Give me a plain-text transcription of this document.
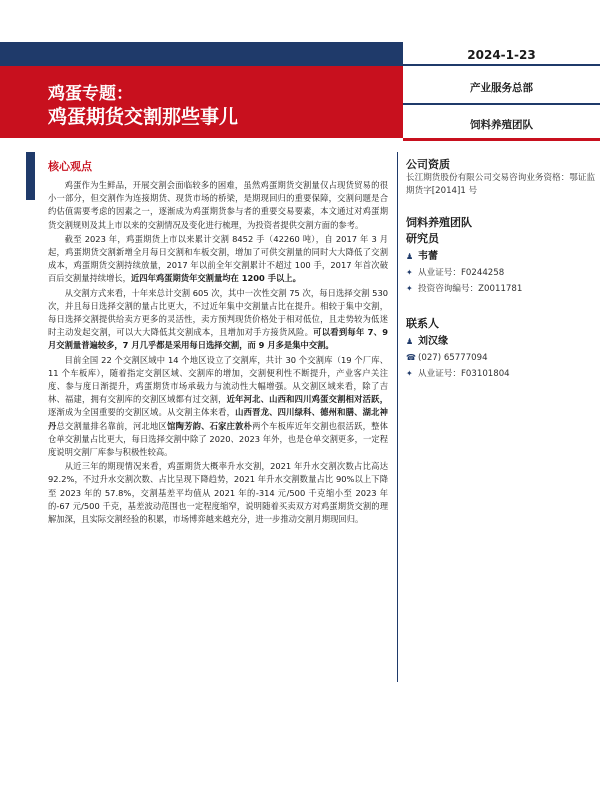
鸡蛋专题：
鸡蛋期货交割那些事儿
2024-1-23
产业服务总部
饲料养殖团队

核心观点

鸡蛋作为生鲜品，开展交割会面临较多的困难，虽然鸡蛋期货交割量仅占现货贸易的很小一部分，但交割作为连接期货、现货市场的桥梁，是期现回归的重要保障，交割问题是合约估值需要考虑的因素之一，逐渐成为鸡蛋期货参与者的重要交易要素，本文通过对鸡蛋期货交割规则及其上市以来的交割情况及变化进行梳理，为投资者提供交割方面的参考。

截至 2023 年，鸡蛋期货上市以来累计交割 8452 手（42260 吨），自 2017 年 3 月起，鸡蛋期货交割新增全月每日交割和车板交割，增加了可供交割量的同时大大降低了交割成本，鸡蛋期货交割持续放量，2017 年以前全年交割累计不超过 100 手，2017 年首次破百后交割量持续增长，近四年鸡蛋期货年交割量均在 1200 手以上。

从交割方式来看，十年来总计交割 605 次，其中一次性交割 75 次，每日选择交割 530 次，并且每日选择交割的量占比更大，不过近年集中交割量占比在提升。相较于集中交割，每日选择交割提供给卖方更多的灵活性，卖方预判现货价格处于相对低位，且走势较为低迷时主动发起交割，可以大大降低其交割成本，且增加对手方接货风险。可以看到每年 7、9 月交割量普遍较多，7 月几乎都是采用每日选择交割，而 9 月多是集中交割。

目前全国 22 个交割区域中 14 个地区设立了交割库，共计 30 个交割库（19 个厂库、11 个车板库），随着指定交割区域、交割库的增加，交割便利性不断提升，产业客户关注度、参与度日渐提升，鸡蛋期货市场承载力与流动性大幅增强。从交割区域来看，除了吉林、福建，拥有交割库的交割区域都有过交割，近年河北、山西和四川鸡蛋交割相对活跃，逐渐成为全国重要的交割区域。从交割主体来看，山西晋龙、四川绿科、德州和膳、湖北神丹总交割量排名靠前，河北地区馆陶芳韵、石家庄敦朴两个车板库近年交割也很活跃，整体仓单交割量占比更大，每日选择交割中除了 2020、2023 年外，也是仓单交割更多，一定程度说明交割厂库参与积极性较高。

从近三年的期现情况来看，鸡蛋期货大概率升水交割，2021 年升水交割次数占比高达 92.2%，不过升水交割次数、占比呈现下降趋势，2021 年升水交割数量占比 90%以上下降至 2023 年的 57.8%，交割基差平均值从 2021 年的-314 元/500 千克缩小至 2023 年的-67 元/500 千克，基差波动范围也一定程度缩窄，说明随着买卖双方对鸡蛋期货交割的理解加深，且实际交割经验的积累，市场博弈越来越充分，进一步推动交割月期现回归。

公司资质

长江期货股份有限公司交易咨询业务资格：鄂证监期货字[2014]1 号

饲料养殖团队

研究员

♟ 韦蕾

✦ 从业证号：F0244258

✦ 投资咨询编号：Z0011781

联系人

♟ 刘汉缘

☎ (027) 65777094

✦ 从业证号：F03101804
